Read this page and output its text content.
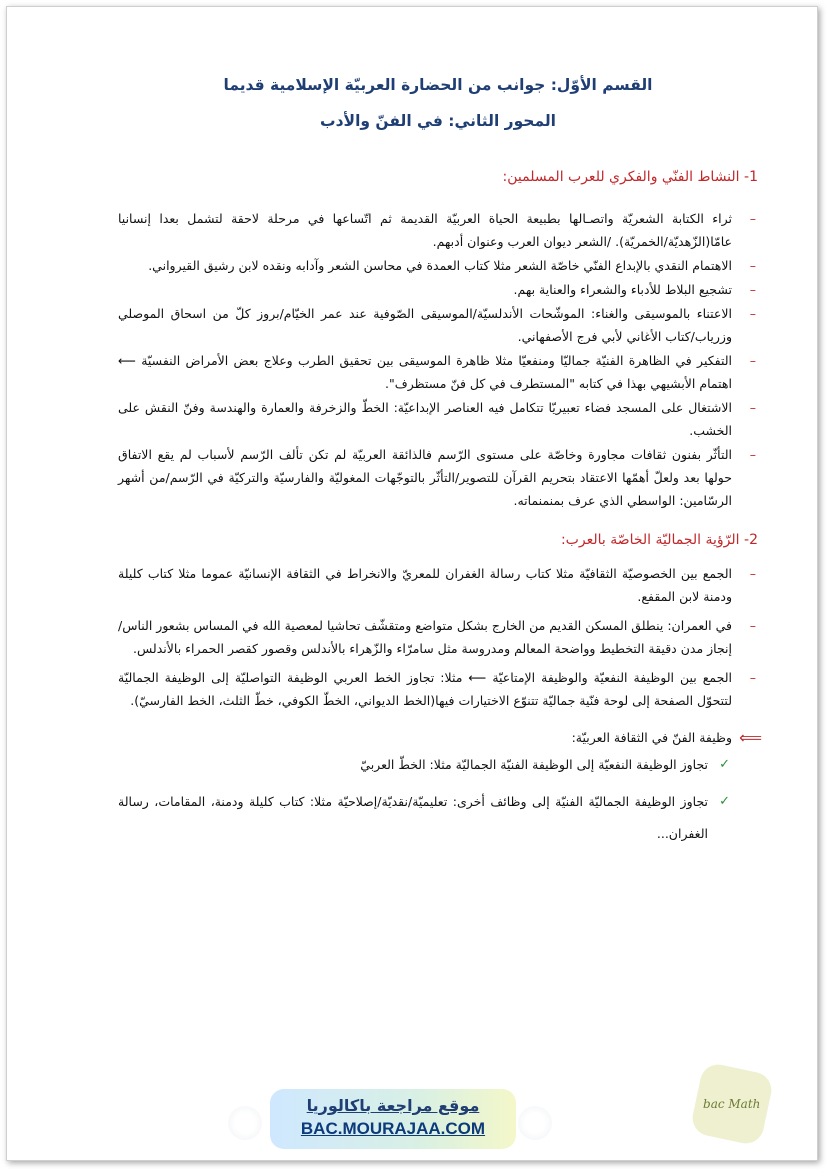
القسم الأوّل: جوانب من الحضارة العربيّة الإسلامية قديما

المحور الثاني: في الفنّ والأدب

1- النشاط الفنّي والفكري للعرب المسلمين:

–
ثراء الكتابة الشعريّة واتصـالها بطبيعة الحياة العربيّة القديمة ثم اتّساعها في مرحلة لاحقة لتشمل بعدا إنسانيا عامّا(الزّهديّة/الخمريّة). /الشعر ديوان العرب وعنوان أدبهم.
–
الاهتمام النقدي بالإبداع الفنّي خاصّة الشعر مثلا كتاب العمدة في محاسن الشعر وآدابه ونقده لابن رشيق القيرواني.
–
تشجيع البلاط للأدباء والشعراء والعناية بهم.
–
الاعتناء بالموسيقى والغناء: الموشّحات الأندلسيّة/الموسيقى الصّوفية عند عمر الخيّام/بروز كلّ من اسحاق الموصلي وزرياب/كتاب الأغاني لأبي فرج الأصفهاني.
–
التفكير في الظاهرة الفنيّة جماليّا ومنفعيّا مثلا ظاهرة الموسيقى بين تحقيق الطرب وعلاج بعض الأمراض النفسيّة ⟵ اهتمام الأبشيهي بهذا في كتابه "المستطرف في كل فنّ مستظرف".
–
الاشتغال على المسجد فضاء تعبيريّا تتكامل فيه العناصر الإبداعيّة: الخطّ والزخرفة والعمارة والهندسة وفنّ النقش على الخشب.
–
التأثّر بفنون ثقافات مجاورة وخاصّة على مستوى الرّسم فالذائقة العربيّة لم تكن تألف الرّسم لأسباب لم يقع الاتفاق حولها بعد ولعلّ أهمّها الاعتقاد بتحريم القرآن للتصوير/التأثّر بالتوجّهات المغوليّة والفارسيّة والتركيّة في الرّسم/من أشهر الرسّامين: الواسطي الذي عرف بمنمنماته.

2- الرّؤية الجماليّة الخاصّة بالعرب:

–
الجمع بين الخصوصيّة الثقافيّة مثلا كتاب رسالة الغفران للمعريّ والانخراط في الثقافة الإنسانيّة عموما مثلا كتاب كليلة ودمنة لابن المقفع.
–
في العمران: ينطلق المسكن القديم من الخارج بشكل متواضع ومتقشّف تحاشيا لمعصية الله في المساس بشعور الناس/إنجاز مدن دقيقة التخطيط وواضحة المعالم ومدروسة مثل سامرّاء والزّهراء بالأندلس وقصور كقصر الحمراء بالأندلس.
–
الجمع بين الوظيفة النفعيّة والوظيفة الإمتاعيّة ⟵ مثلا: تجاوز الخط العربي الوظيفة التواصليّة إلى الوظيفة الجماليّة لتتحوّل الصفحة إلى لوحة فنّية جماليّة تتنوّع الاختيارات فيها(الخط الديواني، الخطّ الكوفي، خطّ الثلث، الخط الفارسيّ).
⟸
وظيفة الفنّ في الثقافة العربيّة:
✓
تجاوز الوظيفة النفعيّة إلى الوظيفة الفنيّة الجماليّة مثلا: الخطّ العربيّ
✓
تجاوز الوظيفة الجماليّة الفنيّة إلى وظائف أخرى: تعليميّة/نقديّة/إصلاحيّة مثلا: كتاب كليلة ودمنة، المقامات، رسالة الغفران...
موقع مراجعة باكالوريا
BAC.MOURAJAA.COM
bac Math
